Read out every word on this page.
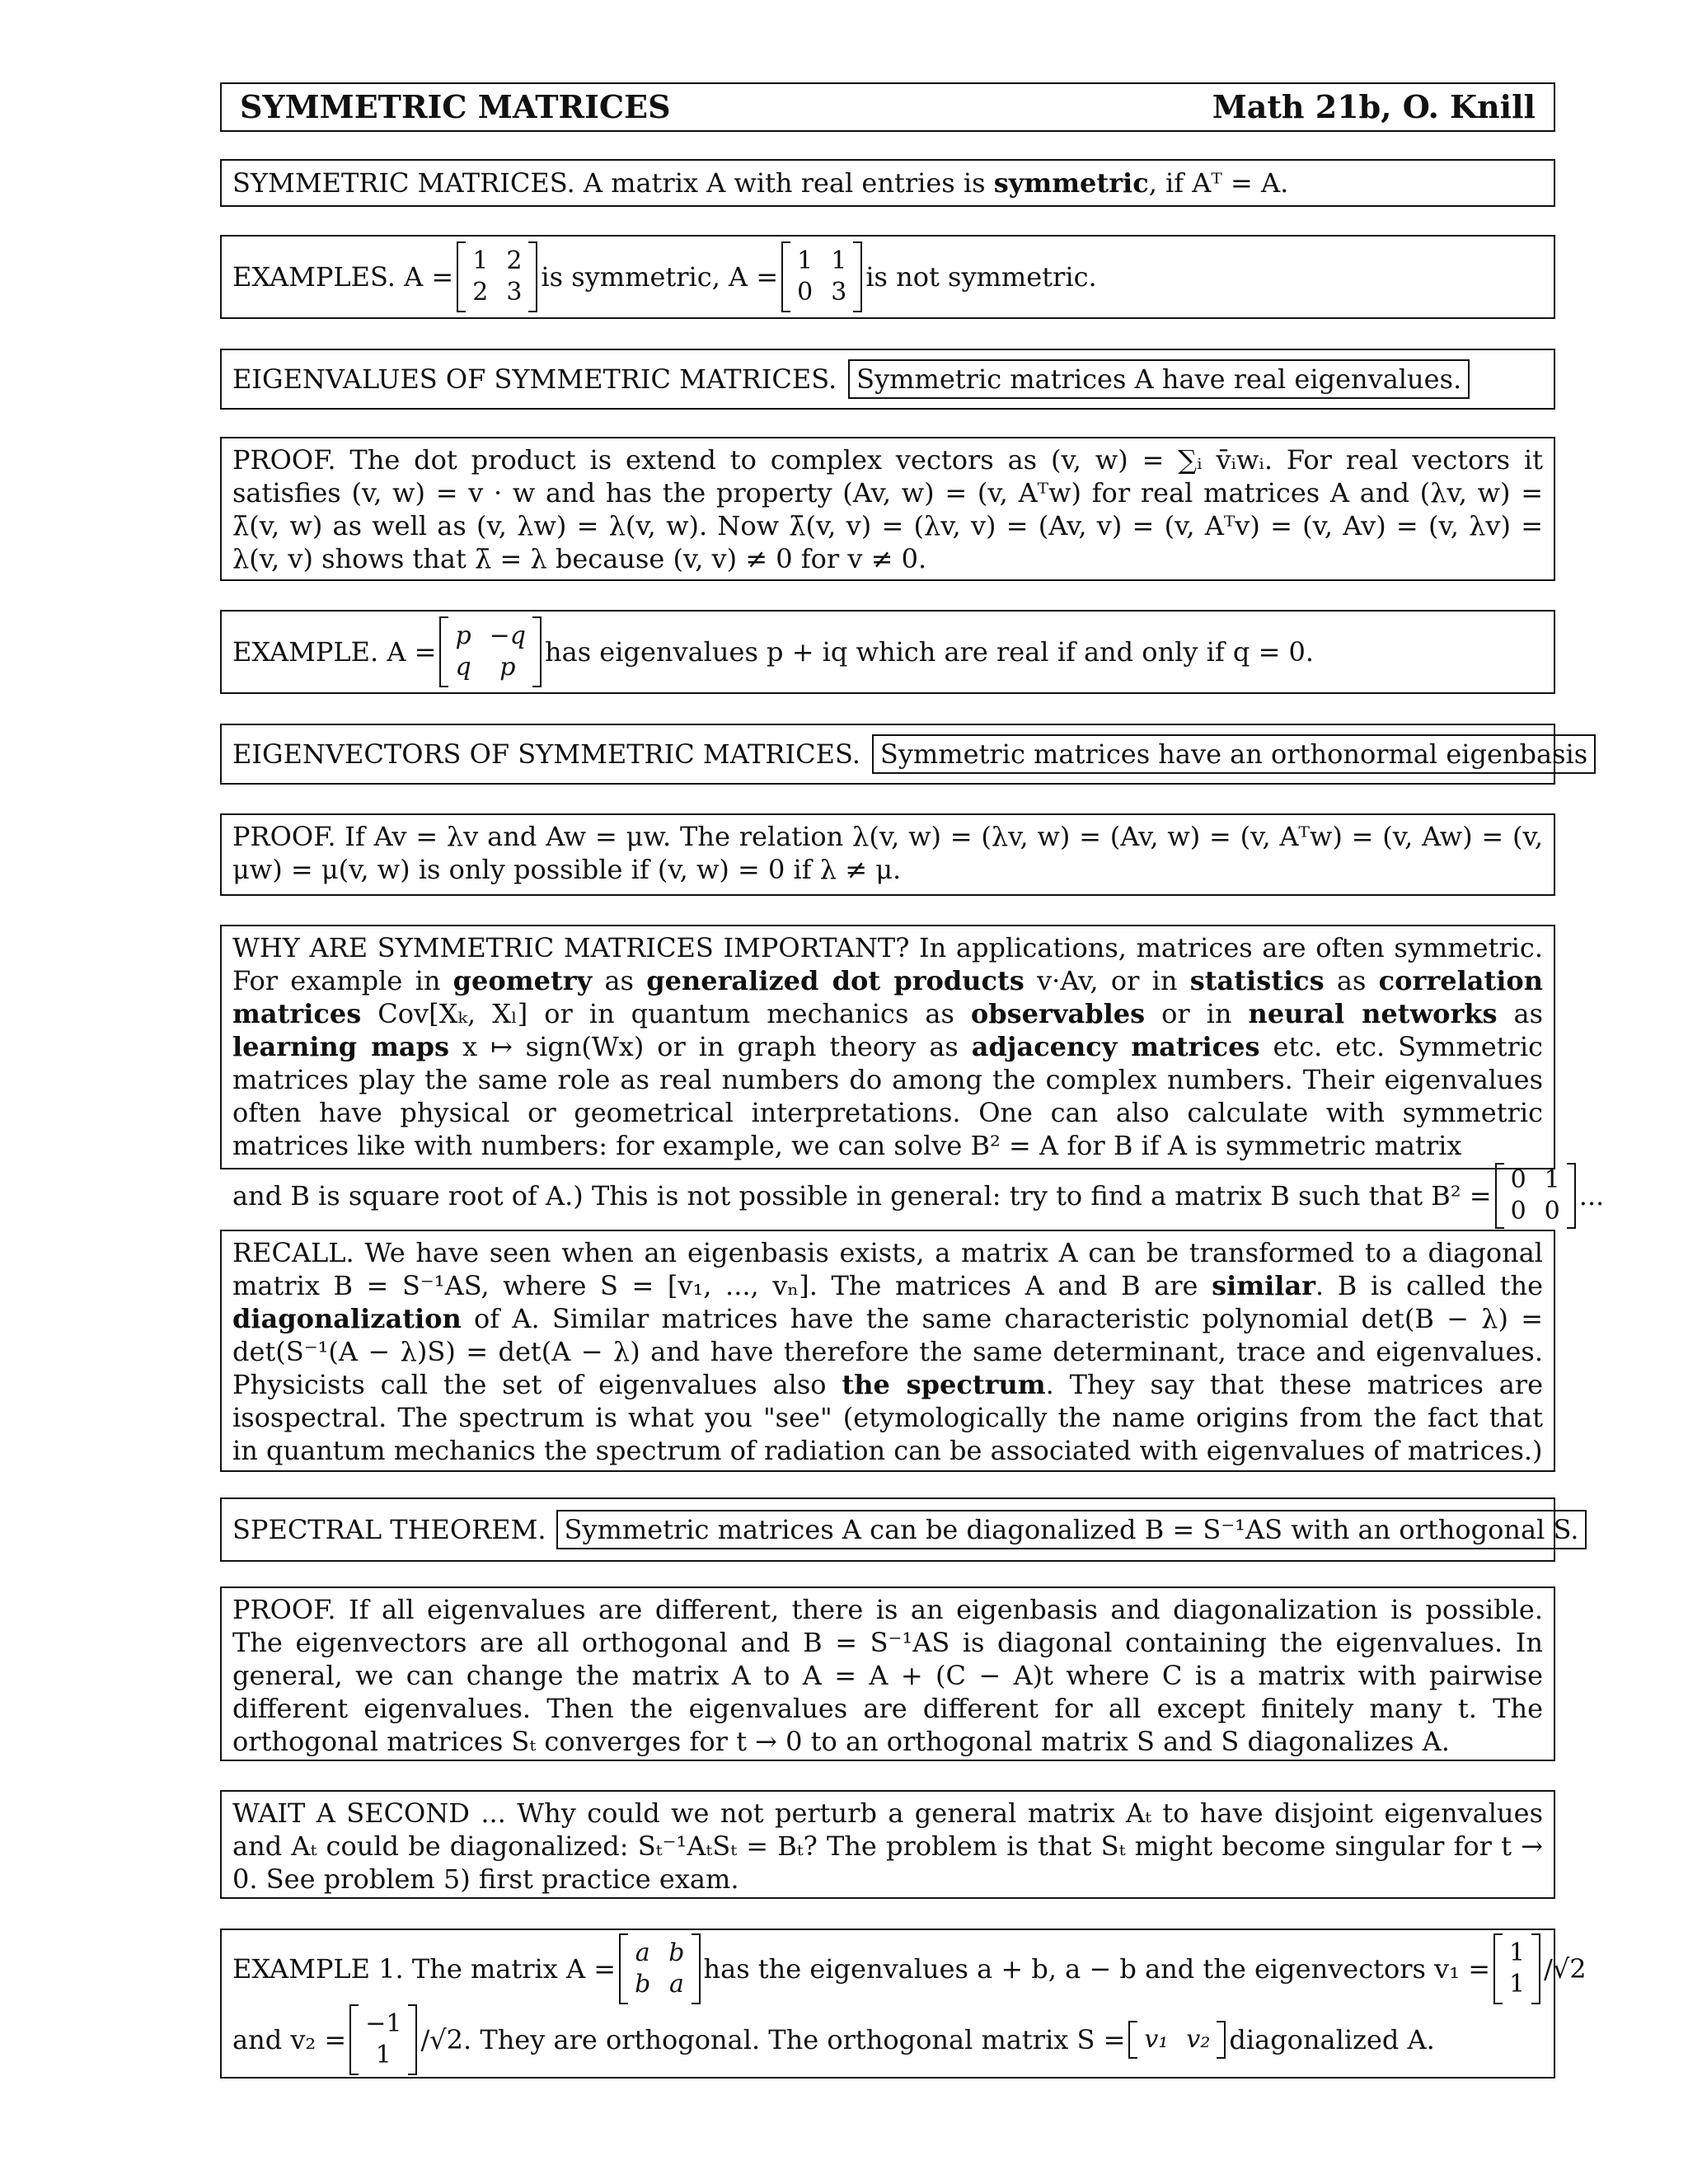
SYMMETRIC MATRICES	Math 21b, O. Knill
SYMMETRIC MATRICES. A matrix A with real entries is symmetric , if Aᵀ = A.
EXAMPLES. A =
1 2
2 3 is symmetric, A =
1 1
0 3 is not symmetric.
EIGENVALUES OF SYMMETRIC MATRICES. Symmetric matrices A have real eigenvalues.
PROOF. The dot product is extend to complex vectors as (v, w) = ∑ᵢ v̄ᵢwᵢ. For real vectors it satisfies (v, w) = v · w and has the property (Av, w) = (v, Aᵀw) for real matrices A and (λv, w) = λ̄(v, w) as well as (v, λw) = λ(v, w). Now λ̄(v, v) = (λv, v) = (Av, v) = (v, Aᵀv) = (v, Av) = (v, λv) = λ(v, v) shows that λ̄ = λ because (v, v) ≠ 0 for v ≠ 0.
EXAMPLE. A =
p −q
q	p	has eigenvalues p + iq which are real if and only if q = 0.
EIGENVECTORS OF SYMMETRIC MATRICES. Symmetric matrices have an orthonormal eigenbasis
PROOF. If Av = λv and Aw = μw. The relation λ(v, w) = (λv, w) = (Av, w) = (v, Aᵀw) = (v, Aw) = (v, μw) = μ(v, w) is only possible if (v, w) = 0 if λ ≠ μ.
WHY ARE SYMMETRIC MATRICES IMPORTANT? In applications, matrices are often symmetric. For example in geometry as generalized dot products v·Av, or in statistics as correlation matrices Cov[Xₖ, Xₗ] or in quantum mechanics as observables or in neural networks as learning maps x ↦ sign(Wx) or in graph theory as adjacency matrices etc. etc. Symmetric matrices play the same role as real numbers do among the complex numbers. Their eigenvalues often have physical or geometrical interpretations. One can also calculate with symmetric matrices like with numbers: for example, we can solve B² = A for B if A is symmetric matrix
and B is square root of A.) This is not possible in general: try to find a matrix B such that B² =
0 1
0 0 ...
RECALL. We have seen when an eigenbasis exists, a matrix A can be transformed to a diagonal matrix B = S⁻¹AS, where S = [v₁, ..., vₙ]. The matrices A and B are similar. B is called the diagonalization of A. Similar matrices have the same characteristic polynomial det(B − λ) = det(S⁻¹(A − λ)S) = det(A − λ) and have therefore the same determinant, trace and eigenvalues. Physicists call the set of eigenvalues also the spectrum. They say that these matrices are isospectral. The spectrum is what you "see" (etymologically the name origins from the fact that in quantum mechanics the spectrum of radiation can be associated with eigenvalues of matrices.)
SPECTRAL THEOREM. Symmetric matrices A can be diagonalized B = S⁻¹AS with an orthogonal S.
PROOF. If all eigenvalues are different, there is an eigenbasis and diagonalization is possible. The eigenvectors are all orthogonal and B = S⁻¹AS is diagonal containing the eigenvalues. In general, we can change the matrix A to A = A + (C − A)t where C is a matrix with pairwise different eigenvalues. Then the eigenvalues are different for all except finitely many t. The orthogonal matrices Sₜ converges for t → 0 to an orthogonal matrix S and S diagonalizes A.
WAIT A SECOND ... Why could we not perturb a general matrix Aₜ to have disjoint eigenvalues and Aₜ could be diagonalized: Sₜ⁻¹AₜSₜ = Bₜ? The problem is that Sₜ might become singular for t → 0. See problem 5) first practice exam.
EXAMPLE 1. The matrix A =
a b
b a has the eigenvalues a + b, a − b and the eigenvectors v₁ =
1
1 /√2
and v₂ =
−1
1	/√2. They are orthogonal. The orthogonal matrix S = v₁ v₂ diagonalized A.
